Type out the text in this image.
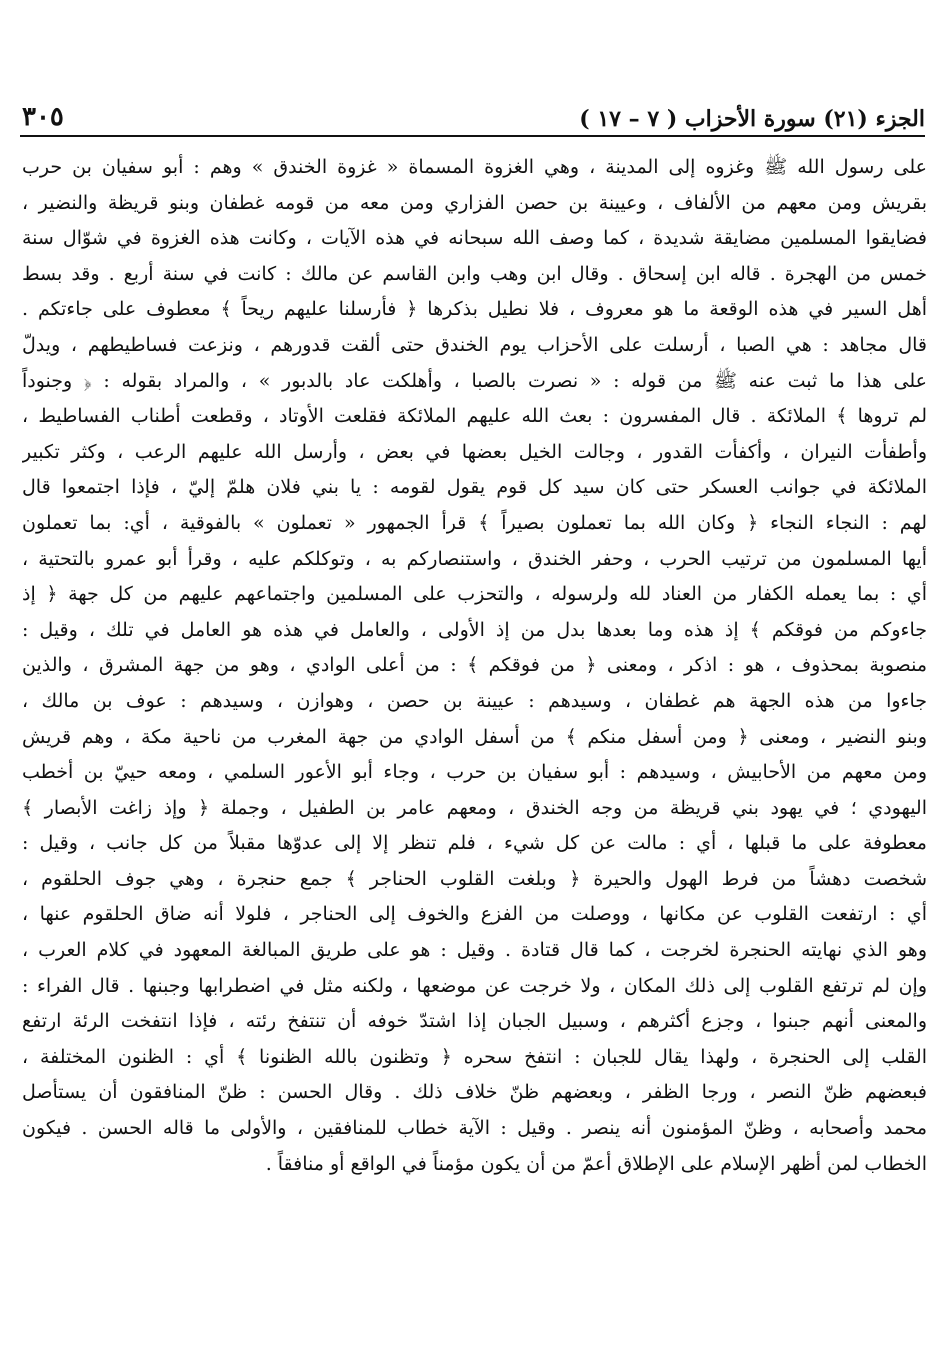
الجزء (٢١) سورة الأحزاب ( ٧ – ١٧ )
٣٠٥
على رسول الله ﷺ وغزوه إلى المدينة ، وهي الغزوة المسماة « غزوة الخندق » وهم : أبو سفيان بن حرب
بقريش ومن معهم من الألفاف ، وعيينة بن حصن الفزاري ومن معه من قومه غطفان وبنو قريظة والنضير ،
فضايقوا المسلمين مضايقة شديدة ، كما وصف الله سبحانه في هذه الآيات ، وكانت هذه الغزوة في شوّال سنة
خمس من الهجرة . قاله ابن إسحاق . وقال ابن وهب وابن القاسم عن مالك : كانت في سنة أربع . وقد بسط
أهل السير في هذه الوقعة ما هو معروف ، فلا نطيل بذكرها ﴿ فأرسلنا عليهم ريحاً ﴾ معطوف على جاءتكم .
قال مجاهد : هي الصبا ، أرسلت على الأحزاب يوم الخندق حتى ألقت قدورهم ، ونزعت فساطيطهم ، ويدلّ
على هذا ما ثبت عنه ﷺ من قوله : « نصرت بالصبا ، وأهلكت عاد بالدبور » ، والمراد بقوله : ﴿ وجنوداً
لم تروها ﴾ الملائكة . قال المفسرون : بعث الله عليهم الملائكة فقلعت الأوتاد ، وقطعت أطناب الفساطيط ،
وأطفأت النيران ، وأكفأت القدور ، وجالت الخيل بعضها في بعض ، وأرسل الله عليهم الرعب ، وكثر تكبير
الملائكة في جوانب العسكر حتى كان سيد كل قوم يقول لقومه : يا بني فلان هلمّ إليّ ، فإذا اجتمعوا قال
لهم : النجاء النجاء ﴿ وكان الله بما تعملون بصيراً ﴾ قرأ الجمهور « تعملون » بالفوقية ، أي: بما تعملون
أيها المسلمون من ترتيب الحرب ، وحفر الخندق ، واستنصاركم به ، وتوكلكم عليه ، وقرأ أبو عمرو بالتحتية ،
أي : بما يعمله الكفار من العناد لله ولرسوله ، والتحزب على المسلمين واجتماعهم عليهم من كل جهة ﴿ إذ
جاءوكم من فوقكم ﴾ إذ هذه وما بعدها بدل من إذ الأولى ، والعامل في هذه هو العامل في تلك ، وقيل :
منصوبة بمحذوف ، هو : اذكر ، ومعنى ﴿ من فوقكم ﴾ : من أعلى الوادي ، وهو من جهة المشرق ، والذين
جاءوا من هذه الجهة هم غطفان ، وسيدهم : عيينة بن حصن ، وهوازن ، وسيدهم : عوف بن مالك ،
وبنو النضير ، ومعنى ﴿ ومن أسفل منكم ﴾ من أسفل الوادي من جهة المغرب من ناحية مكة ، وهم قريش
ومن معهم من الأحابيش ، وسيدهم : أبو سفيان بن حرب ، وجاء أبو الأعور السلمي ، ومعه حييّ بن أخطب
اليهودي ؛ في يهود بني قريظة من وجه الخندق ، ومعهم عامر بن الطفيل ، وجملة ﴿ وإذ زاغت الأبصار ﴾
معطوفة على ما قبلها ، أي : مالت عن كل شيء ، فلم تنظر إلا إلى عدوّها مقبلاً من كل جانب ، وقيل :
شخصت دهشاً من فرط الهول والحيرة ﴿ وبلغت القلوب الحناجر ﴾ جمع حنجرة ، وهي جوف الحلقوم ،
أي : ارتفعت القلوب عن مكانها ، ووصلت من الفزع والخوف إلى الحناجر ، فلولا أنه ضاق الحلقوم عنها ،
وهو الذي نهايته الحنجرة لخرجت ، كما قال قتادة . وقيل : هو على طريق المبالغة المعهود في كلام العرب ،
وإن لم ترتفع القلوب إلى ذلك المكان ، ولا خرجت عن موضعها ، ولكنه مثل في اضطرابها وجبنها . قال الفراء :
والمعنى أنهم جبنوا ، وجزع أكثرهم ، وسبيل الجبان إذا اشتدّ خوفه أن تنتفخ رئته ، فإذا انتفخت الرئة ارتفع
القلب إلى الحنجرة ، ولهذا يقال للجبان : انتفخ سحره ﴿ وتظنون بالله الظنونا ﴾ أي : الظنون المختلفة ،
فبعضهم ظنّ النصر ، ورجا الظفر ، وبعضهم ظنّ خلاف ذلك . وقال الحسن : ظنّ المنافقون أن يستأصل
محمد وأصحابه ، وظنّ المؤمنون أنه ينصر . وقيل : الآية خطاب للمنافقين ، والأولى ما قاله الحسن . فيكون
الخطاب لمن أظهر الإسلام على الإطلاق أعمّ من أن يكون مؤمناً في الواقع أو منافقاً .
